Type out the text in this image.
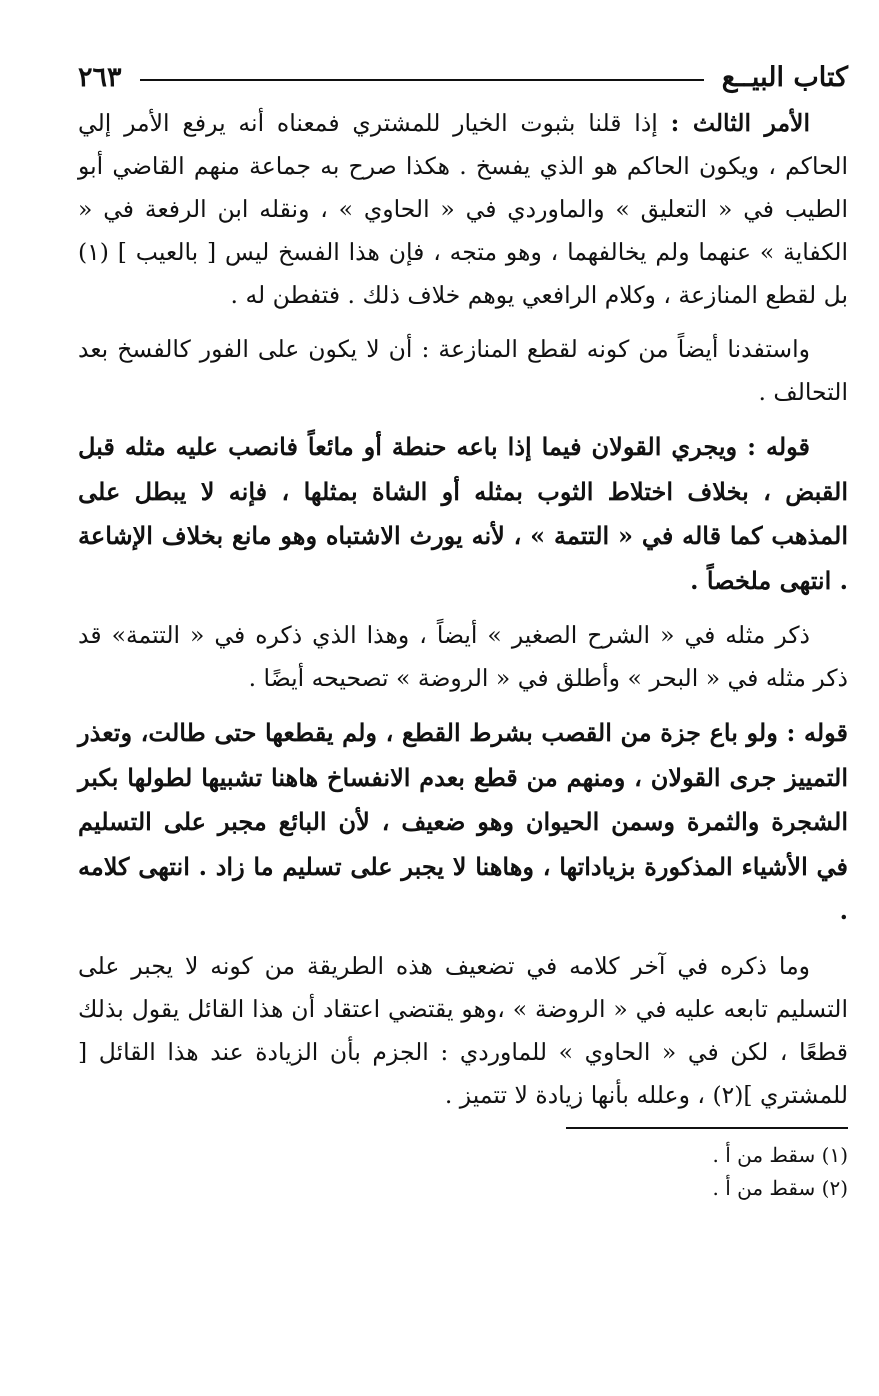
كتاب البيــع
٢٦٣

الأمر الثالث : إذا قلنا بثبوت الخيار للمشتري فمعناه أنه يرفع الأمر إلي الحاكم ، ويكون الحاكم هو الذي يفسخ . هكذا صرح به جماعة منهم القاضي أبو الطيب في « التعليق » والماوردي في « الحاوي » ، ونقله ابن الرفعة في « الكفاية » عنهما ولم يخالفهما ، وهو متجه ، فإن هذا الفسخ ليس [ بالعيب ] (١) بل لقطع المنازعة ، وكلام الرافعي يوهم خلاف ذلك . فتفطن له .

واستفدنا أيضاً من كونه لقطع المنازعة : أن لا يكون على الفور كالفسخ بعد التحالف .

قوله : ويجري القولان فيما إذا باعه حنطة أو مائعاً فانصب عليه مثله قبل القبض ، بخلاف اختلاط الثوب بمثله أو الشاة بمثلها ، فإنه لا يبطل على المذهب كما قاله في « التتمة » ، لأنه يورث الاشتباه وهو مانع بخلاف الإشاعة . انتهى ملخصاً .

ذكر مثله في « الشرح الصغير » أيضاً ، وهذا الذي ذكره في « التتمة» قد ذكر مثله في « البحر » وأطلق في « الروضة » تصحيحه أيضًا .

قوله : ولو باع جزة من القصب بشرط القطع ، ولم يقطعها حتى طالت، وتعذر التمييز جرى القولان ، ومنهم من قطع بعدم الانفساخ هاهنا تشبيها لطولها بكبر الشجرة والثمرة وسمن الحيوان وهو ضعيف ، لأن البائع مجبر على التسليم في الأشياء المذكورة بزياداتها ، وهاهنا لا يجبر على تسليم ما زاد . انتهى كلامه .

وما ذكره في آخر كلامه في تضعيف هذه الطريقة من كونه لا يجبر على التسليم تابعه عليه في « الروضة » ،وهو يقتضي اعتقاد أن هذا القائل يقول بذلك قطعًا ، لكن في « الحاوي » للماوردي : الجزم بأن الزيادة عند هذا القائل [ للمشتري ](٢) ، وعلله بأنها زيادة لا تتميز .

(١) سقط من أ .

(٢) سقط من أ .
